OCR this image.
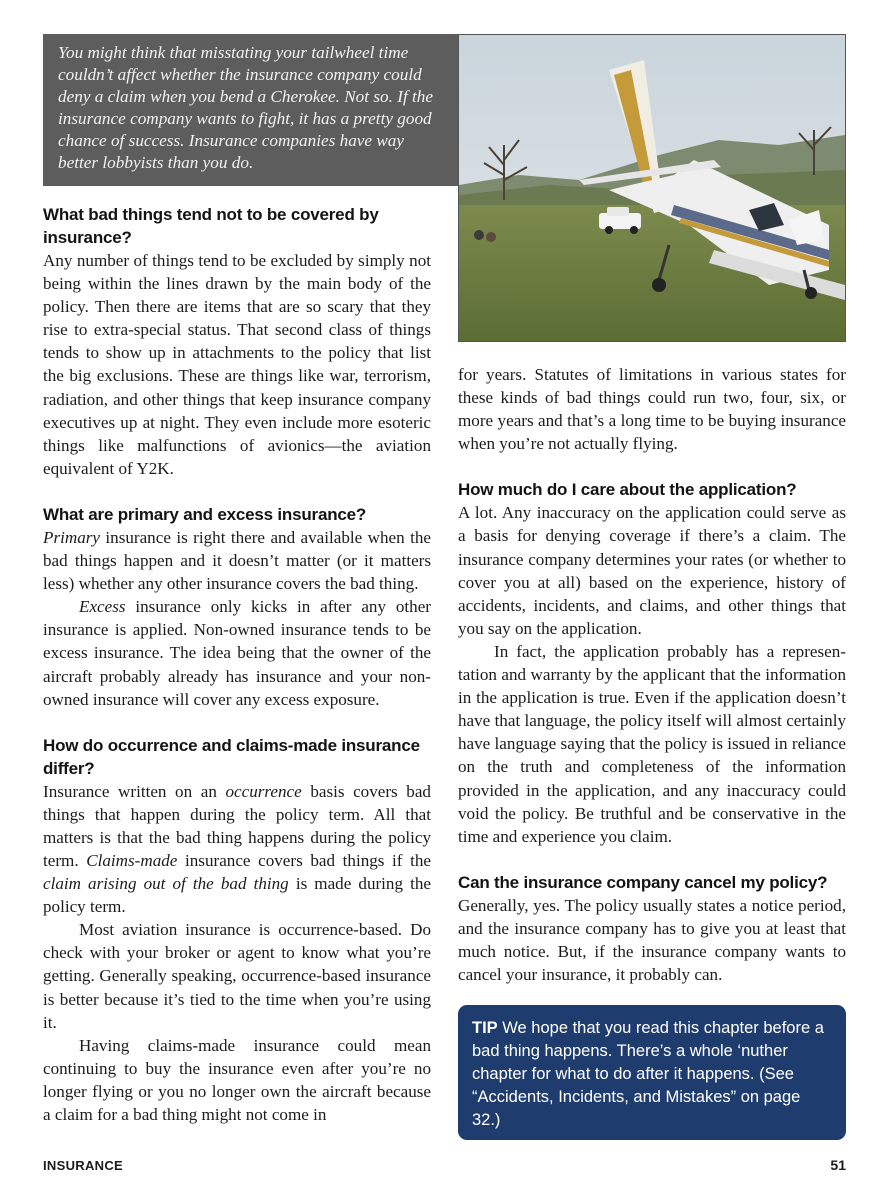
You might think that misstating your tailwheel time couldn’t affect whether the insurance company could deny a claim when you bend a Cherokee. Not so. If the insurance company wants to fight, it has a pretty good chance of success. Insurance companies have way better lobbyists than you do.
What bad things tend not to be covered by insurance?

Any number of things tend to be excluded by simply not being within the lines drawn by the main body of the policy. Then there are items that are so scary that they rise to extra-special status. That second class of things tends to show up in attachments to the policy that list the big exclusions. These are things like war, terrorism, radiation, and other things that keep insurance company executives up at night. They even include more esoteric things like malfunctions of avionics—the aviation equivalent of Y2K.

What are primary and excess insurance?

Primary insurance is right there and available when the bad things happen and it doesn’t matter (or it matters less) whether any other insurance covers the bad thing.

Excess insurance only kicks in after any other insurance is applied. Non-owned insurance tends to be excess insurance. The idea being that the owner of the aircraft probably already has insurance and your non-owned insurance will cover any excess exposure.

How do occurrence and claims-made insurance differ?

Insurance written on an occurrence basis covers bad things that happen during the policy term. All that matters is that the bad thing happens during the policy term. Claims-made insurance covers bad things if the claim arising out of the bad thing is made during the policy term.

Most aviation insurance is occurrence-based. Do check with your broker or agent to know what you’re getting. Generally speaking, occurrence-based insurance is better because it’s tied to the time when you’re using it.

Having claims-made insurance could mean continuing to buy the insurance even after you’re no longer flying or you no longer own the aircraft because a claim for a bad thing might not come in

for years. Statutes of limitations in various states for these kinds of bad things could run two, four, six, or more years and that’s a long time to be buying insurance when you’re not actually flying.

How much do I care about the application?

A lot. Any inaccuracy on the application could serve as a basis for denying coverage if there’s a claim. The insurance company determines your rates (or whether to cover you at all) based on the experience, history of accidents, incidents, and claims, and other things that you say on the application.

In fact, the application probably has a representation and warranty by the applicant that the information in the application is true. Even if the application doesn’t have that language, the policy itself will almost certainly have language saying that the policy is issued in reliance on the truth and completeness of the information provided in the application, and any inaccuracy could void the policy. Be truthful and be conservative in the time and experience you claim.

Can the insurance company cancel my policy?

Generally, yes. The policy usually states a notice period, and the insurance company has to give you at least that much notice. But, if the insurance company wants to cancel your insurance, it probably can.

TIP We hope that you read this chapter before a bad thing happens. There’s a whole ‘nuther chapter for what to do after it happens. (See “Accidents, Incidents, and Mistakes” on page 32.)
INSURANCE	51
